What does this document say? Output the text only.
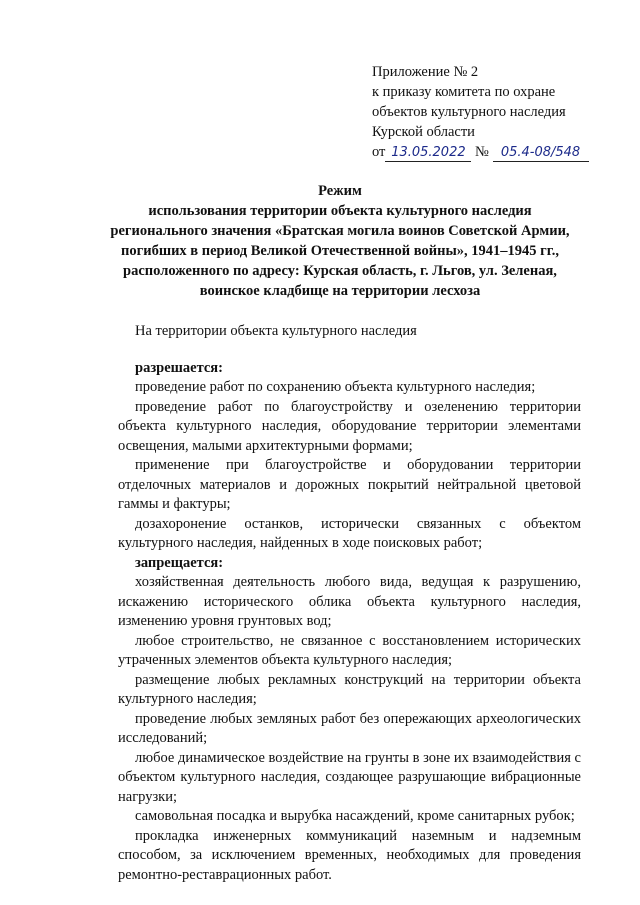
Приложение № 2
к приказу комитета по охране
объектов культурного наследия
Курской области
от 13.05.2022 № 05.4-08/548
Режим
использования территории объекта культурного наследия
регионального значения «Братская могила воинов Советской Армии,
погибших в период Великой Отечественной войны», 1941–1945 гг.,
расположенного по адресу: Курская область, г. Льгов, ул. Зеленая,
воинское кладбище на территории лесхоза
На территории объекта культурного наследия
разрешается:
проведение работ по сохранению объекта культурного наследия;
проведение работ по благоустройству и озеленению территории объекта культурного наследия, оборудование территории элементами освещения, малыми архитектурными формами;
применение при благоустройстве и оборудовании территории отделочных материалов и дорожных покрытий нейтральной цветовой гаммы и фактуры;
дозахоронение останков, исторически связанных с объектом культурного наследия, найденных в ходе поисковых работ;
запрещается:
хозяйственная деятельность любого вида, ведущая к разрушению, искажению исторического облика объекта культурного наследия, изменению уровня грунтовых вод;
любое строительство, не связанное с восстановлением исторических утраченных элементов объекта культурного наследия;
размещение любых рекламных конструкций на территории объекта культурного наследия;
проведение любых земляных работ без опережающих археологических исследований;
любое динамическое воздействие на грунты в зоне их взаимодействия с объектом культурного наследия, создающее разрушающие вибрационные нагрузки;
самовольная посадка и вырубка насаждений, кроме санитарных рубок;
прокладка инженерных коммуникаций наземным и надземным способом, за исключением временных, необходимых для проведения ремонтно-реставрационных работ.
